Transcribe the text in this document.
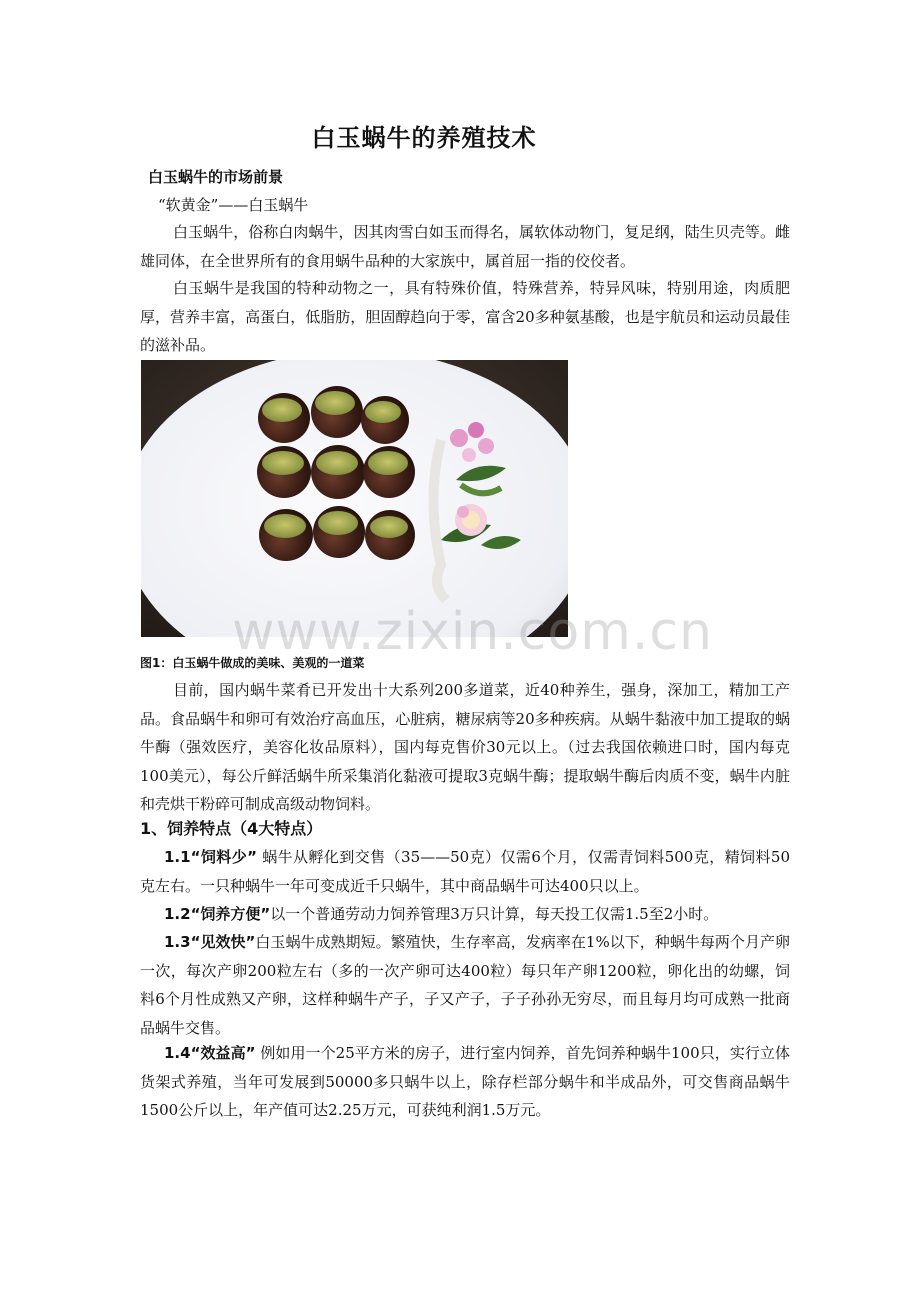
白玉蜗牛的养殖技术
白玉蜗牛的市场前景
“软黄金”——白玉蜗牛
白玉蜗牛，俗称白肉蜗牛，因其肉雪白如玉而得名，属软体动物门，复足纲，陆生贝壳等。雌雄同体，在全世界所有的食用蜗牛品种的大家族中，属首屈一指的佼佼者。
白玉蜗牛是我国的特种动物之一，具有特殊价值，特殊营养，特异风味，特别用途，肉质肥厚，营养丰富，高蛋白，低脂肪，胆固醇趋向于零，富含20多种氨基酸，也是宇航员和运动员最佳的滋补品。
www.zixin.com.cn
图1：白玉蜗牛做成的美味、美观的一道菜
目前，国内蜗牛菜肴已开发出十大系列200多道菜，近40种养生，强身，深加工，精加工产品。食品蜗牛和卵可有效治疗高血压，心脏病，糖尿病等20多种疾病。从蜗牛黏液中加工提取的蜗牛酶（强效医疗，美容化妆品原料），国内每克售价30元以上。（过去我国依赖进口时，国内每克100美元），每公斤鲜活蜗牛所采集消化黏液可提取3克蜗牛酶；提取蜗牛酶后肉质不变，蜗牛内脏和壳烘干粉碎可制成高级动物饲料。
1、饲养特点（4大特点）
1.1“饲料少” 蜗牛从孵化到交售（35——50克）仅需6个月，仅需青饲料500克，精饲料50克左右。一只种蜗牛一年可变成近千只蜗牛，其中商品蜗牛可达400只以上。
1.2“饲养方便”以一个普通劳动力饲养管理3万只计算，每天投工仅需1.5至2小时。
1.3“见效快”白玉蜗牛成熟期短。繁殖快，生存率高，发病率在1%以下，种蜗牛每两个月产卵一次，每次产卵200粒左右（多的一次产卵可达400粒）每只年产卵1200粒，卵化出的幼螺，饲料6个月性成熟又产卵，这样种蜗牛产子，子又产子，子子孙孙无穷尽，而且每月均可成熟一批商品蜗牛交售。
1.4“效益高” 例如用一个25平方米的房子，进行室内饲养，首先饲养种蜗牛100只，实行立体货架式养殖，当年可发展到50000多只蜗牛以上，除存栏部分蜗牛和半成品外，可交售商品蜗牛1500公斤以上，年产值可达2.25万元，可获纯利润1.5万元。
